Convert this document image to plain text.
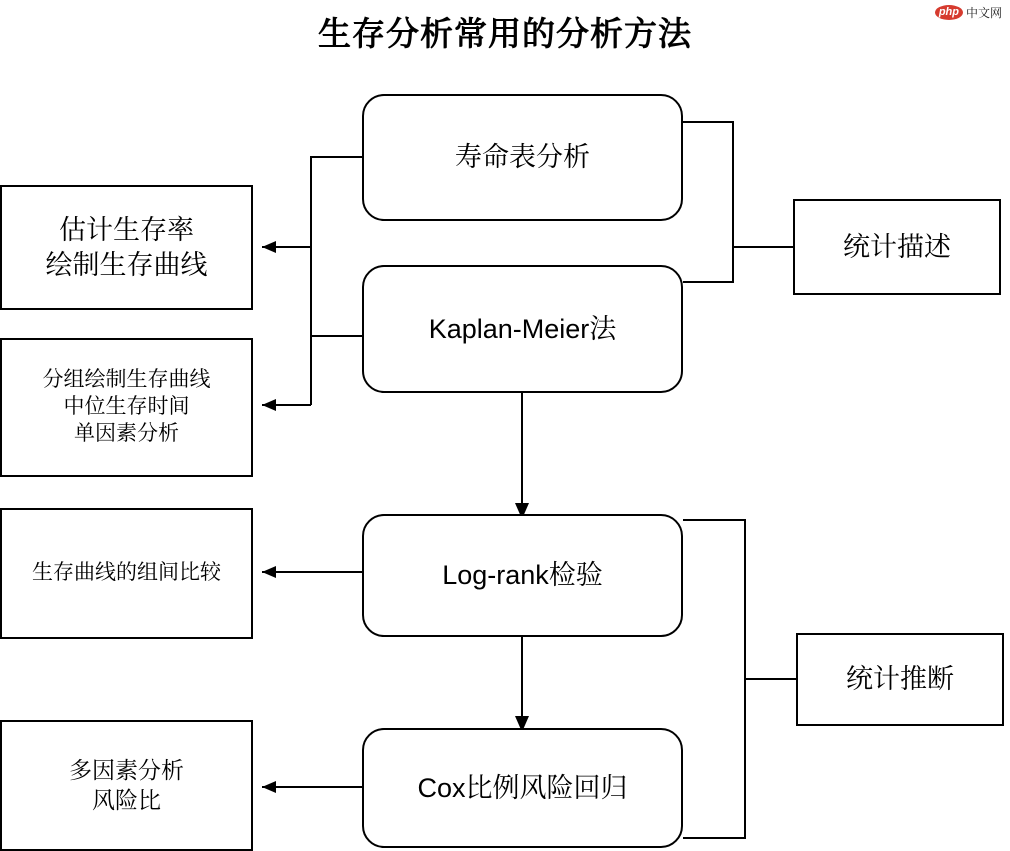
生存分析常用的分析方法
php 中文网
寿命表分析
Kaplan-Meier法
Log-rank检验
Cox比例风险回归
估计生存率
绘制生存曲线
分组绘制生存曲线
中位生存时间
单因素分析
生存曲线的组间比较
多因素分析
风险比
统计描述
统计推断
